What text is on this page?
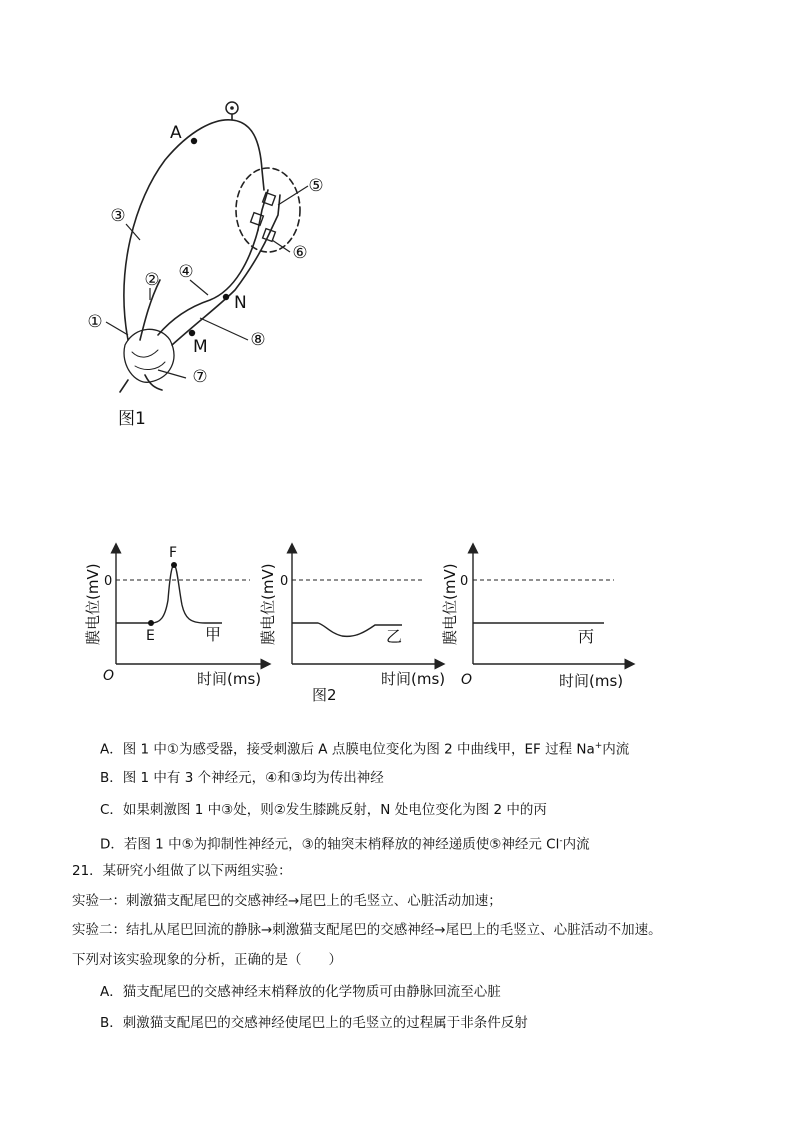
A
N
M
①
②
③
④
⑤
⑥
⑦
⑧
图1
E
F
0
O
甲
时间(ms)
膜电位(mV)	0
乙
时间(ms)
膜电位(mV)
图2
0
O
丙
时间(ms)
膜电位(mV)
A．图 1 中①为感受器，接受刺激后 A 点膜电位变化为图 2 中曲线甲，EF 过程 Na+内流
B．图 1 中有 3 个神经元，④和③均为传出神经
C．如果刺激图 1 中③处，则②发生膝跳反射，N 处电位变化为图 2 中的丙
D．若图 1 中⑤为抑制性神经元，③的轴突末梢释放的神经递质使⑤神经元 Cl-内流
21．某研究小组做了以下两组实验：
实验一：刺激猫支配尾巴的交感神经→尾巴上的毛竖立、心脏活动加速；
实验二：结扎从尾巴回流的静脉→刺激猫支配尾巴的交感神经→尾巴上的毛竖立、心脏活动不加速。
下列对该实验现象的分析，正确的是（　　）
A．猫支配尾巴的交感神经末梢释放的化学物质可由静脉回流至心脏
B．刺激猫支配尾巴的交感神经使尾巴上的毛竖立的过程属于非条件反射
